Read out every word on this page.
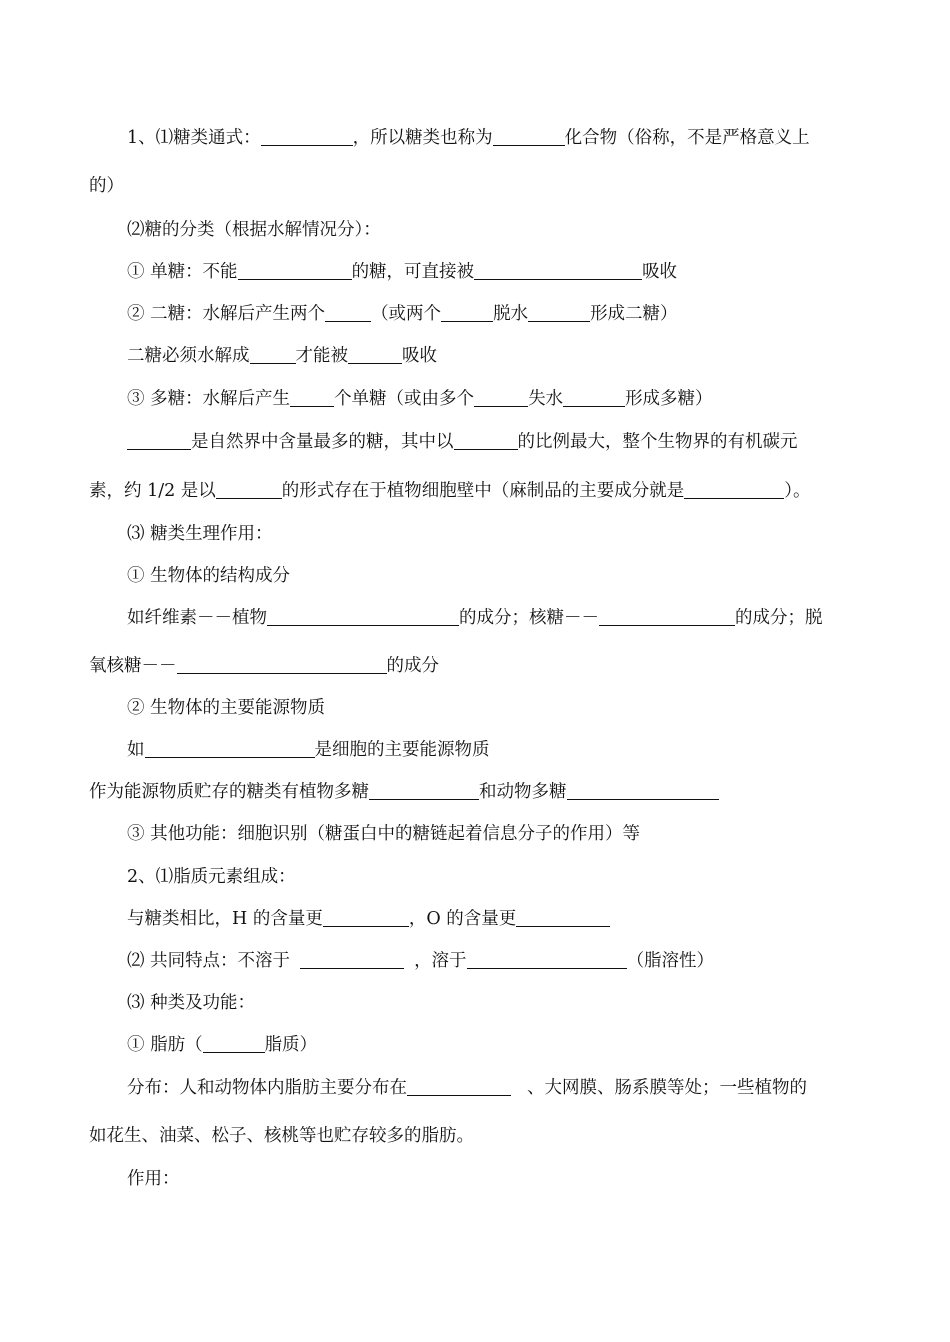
1、⑴糖类通式：	，所以糖类也称为	化合物（俗称，不是严格意义上
的）
⑵糖的分类（根据水解情况分）：
① 单糖：不能	的糖，可直接被	吸收
② 二糖：水解后产生两个	（或两个	脱水	形成二糖）
二糖必须水解成	才能被	吸收
③ 多糖：水解后产生	个单糖（或由多个	失水	形成多糖）
是自然界中含量最多的糖，其中以	的比例最大，整个生物界的有机碳元
素，约 1/2 是以	的形式存在于植物细胞壁中（麻制品的主要成分就是	）。
⑶ 糖类生理作用：
① 生物体的结构成分
如纤维素－－植物	的成分；核糖－－	的成分；脱
氧核糖－－	的成分
② 生物体的主要能源物质
如	是细胞的主要能源物质
作为能源物质贮存的糖类有植物多糖	和动物多糖
③ 其他功能：细胞识别（糖蛋白中的糖链起着信息分子的作用）等
2、⑴脂质元素组成：
与糖类相比，H 的含量更	，O 的含量更
⑵ 共同特点：不溶于	，溶于	（脂溶性）
⑶ 种类及功能：
① 脂肪（	脂质）
分布：人和动物体内脂肪主要分布在	、大网膜、肠系膜等处；一些植物的
如花生、油菜、松子、核桃等也贮存较多的脂肪。
作用：
